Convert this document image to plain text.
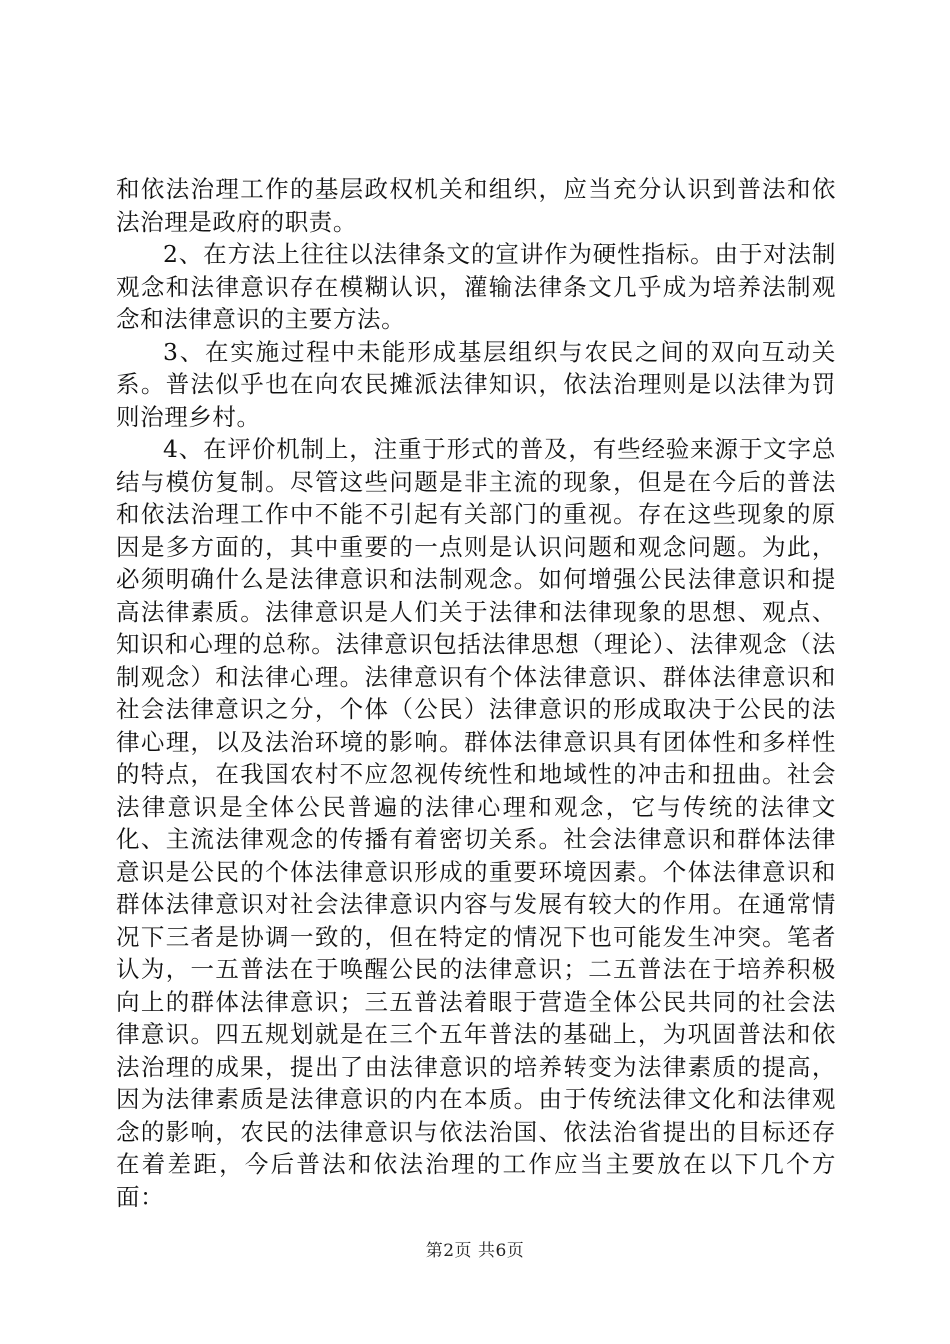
和依法治理工作的基层政权机关和组织，应当充分认识到普法和依法治理是政府的职责。

2、在方法上往往以法律条文的宣讲作为硬性指标。由于对法制观念和法律意识存在模糊认识，灌输法律条文几乎成为培养法制观念和法律意识的主要方法。

3、在实施过程中未能形成基层组织与农民之间的双向互动关系。普法似乎也在向农民摊派法律知识，依法治理则是以法律为罚则治理乡村。

4、在评价机制上，注重于形式的普及，有些经验来源于文字总结与模仿复制。尽管这些问题是非主流的现象，但是在今后的普法和依法治理工作中不能不引起有关部门的重视。存在这些现象的原因是多方面的，其中重要的一点则是认识问题和观念问题。为此，必须明确什么是法律意识和法制观念。如何增强公民法律意识和提高法律素质。法律意识是人们关于法律和法律现象的思想、观点、知识和心理的总称。法律意识包括法律思想（理论）、法律观念（法制观念）和法律心理。法律意识有个体法律意识、群体法律意识和社会法律意识之分，个体（公民）法律意识的形成取决于公民的法律心理，以及法治环境的影响。群体法律意识具有团体性和多样性的特点，在我国农村不应忽视传统性和地域性的冲击和扭曲。社会法律意识是全体公民普遍的法律心理和观念，它与传统的法律文化、主流法律观念的传播有着密切关系。社会法律意识和群体法律意识是公民的个体法律意识形成的重要环境因素。个体法律意识和群体法律意识对社会法律意识内容与发展有较大的作用。在通常情况下三者是协调一致的，但在特定的情况下也可能发生冲突。笔者认为，一五普法在于唤醒公民的法律意识；二五普法在于培养积极向上的群体法律意识；三五普法着眼于营造全体公民共同的社会法律意识。四五规划就是在三个五年普法的基础上，为巩固普法和依法治理的成果，提出了由法律意识的培养转变为法律素质的提高，因为法律素质是法律意识的内在本质。由于传统法律文化和法律观念的影响，农民的法律意识与依法治国、依法治省提出的目标还存在着差距，今后普法和依法治理的工作应当主要放在以下几个方面：

第2页 共6页
